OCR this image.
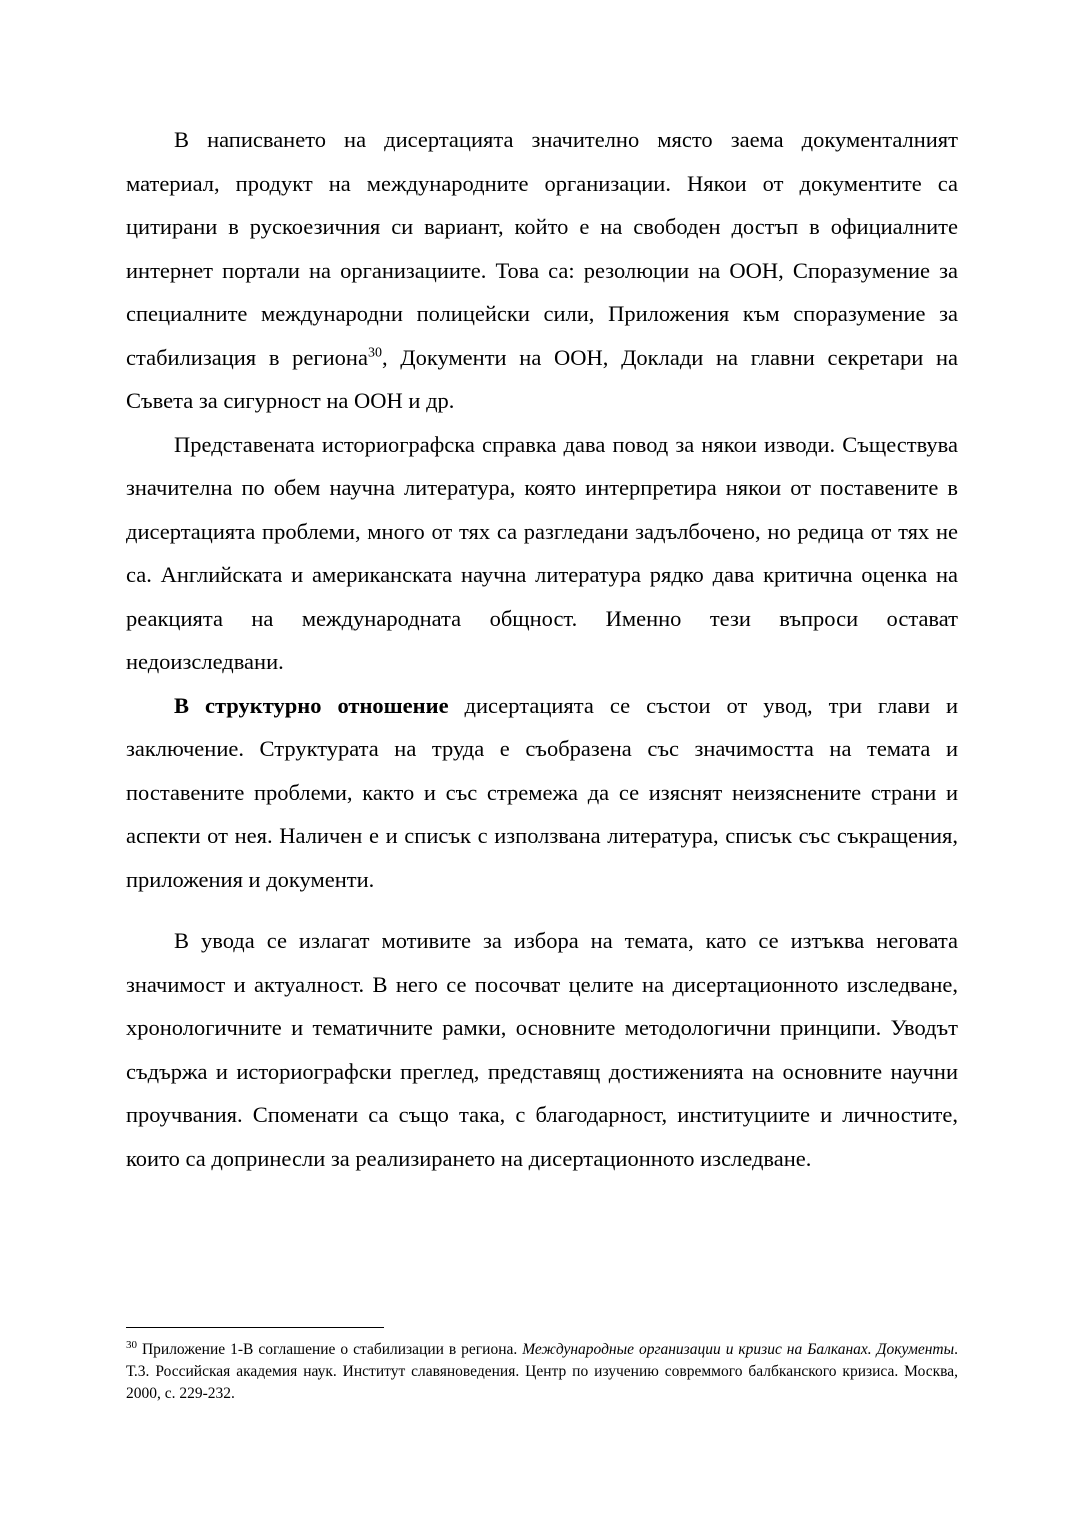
В написването на дисертацията значително място заема документалният материал, продукт на международните организации. Някои от документите са цитирани в рускоезичния си вариант, който е на свободен достъп в официалните интернет портали на организациите. Това са: резолюции на ООН, Споразумение за специалните международни полицейски сили, Приложения към споразумение за стабилизация в региона$^{30}$, Документи на ООН, Доклади на главни секретари на Съвета за сигурност на ООН и др.

Представената историографска справка дава повод за някои изводи. Съществува значителна по обем научна литература, която интерпретира някои от поставените в дисертацията проблеми, много от тях са разгледани задълбочено, но редица от тях не са. Английската и американската научна литература рядко дава критична оценка на реакцията на международната общност. Именно тези въпроси остават недоизследвани.

В структурно отношение дисертацията се състои от увод, три глави и заключение. Структурата на труда е съобразена със значимостта на темата и поставените проблеми, както и със стремежа да се изяснят неизяснените страни и аспекти от нея. Наличен е и списък с използвана литература, списък със съкращения, приложения и документи.

В увода се излагат мотивите за избора на темата, като се изтъква неговата значимост и актуалност. В него се посочват целите на дисертационното изследване, хронологичните и тематичните рамки, основните методологични принципи. Уводът съдържа и историографски преглед, представящ достиженията на основните научни проучвания. Споменати са също така, с благодарност, институциите и личностите, които са допринесли за реализирането на дисертационното изследване.

$^{30}$ Приложение 1-В соглашение о стабилизации в регионa. Международные организации и кризис на Балканах. Документы. Т.3. Российская академия наук. Институт славяноведения. Центр по изучению совреммого балбканского кризиса. Москва, 2000, с. 229-232.
